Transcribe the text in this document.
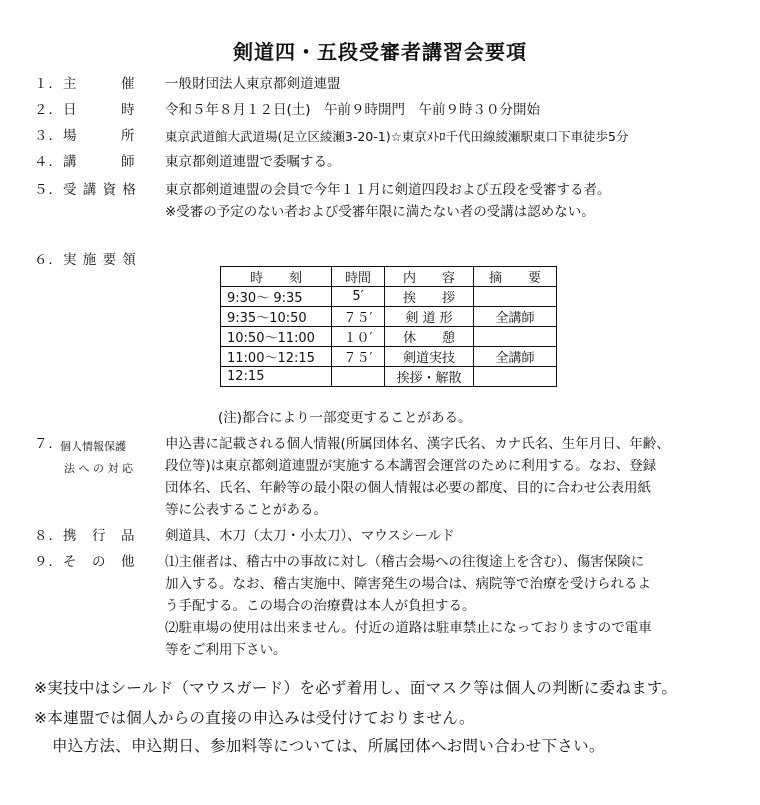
剣道四・五段受審者講習会要項
１．主　　　催	一般財団法人東京都剣道連盟
２．日　　　時	令和５年８月１２日(土)　午前９時開門　午前９時３０分開始
３．場　　　所	東京武道館大武道場(足立区綾瀬3-20-1)☆東京ﾒﾄﾛ千代田線綾瀬駅東口下車徒歩5分
４．講　　　師	東京都剣道連盟で委嘱する。
５．受 講 資 格	東京都剣道連盟の会員で今年１１月に剣道四段および五段を受審する者。
※受審の予定のない者および受審年限に満たない者の受講は認めない。
６．実 施 要 領
時　　刻	時間	内　　容	摘　　要
9:30～ 9:35	5′	挨　　拶	
9:35～10:50	７５′	剣 道 形	全講師
10:50～11:00	１０′	休　　憩	
11:00～12:15	７５′	剣道実技	全講師
12:15		挨拶・解散	
(注)都合により一部変更することがある。
７．
個人情報保護
法 へ の 対 応
申込書に記載される個人情報(所属団体名、漢字氏名、カナ氏名、生年月日、年齢、
段位等)は東京都剣道連盟が実施する本講習会運営のために利用する。なお、登録
団体名、氏名、年齢等の最小限の個人情報は必要の都度、目的に合わせ公表用紙
等に公表することがある。
８．携　行　品	剣道具、木刀（太刀・小太刀）、マウスシールド
９．そ　の　他	⑴主催者は、稽古中の事故に対し（稽古会場への往復途上を含む）、傷害保険に
加入する。なお、稽古実施中、障害発生の場合は、病院等で治療を受けられるよ
う手配する。この場合の治療費は本人が負担する。
⑵駐車場の使用は出来ません。付近の道路は駐車禁止になっておりますので電車
等をご利用下さい。
※実技中はシールド（マウスガード）を必ず着用し、面マスク等は個人の判断に委ねます。
※本連盟では個人からの直接の申込みは受付けておりません。
申込方法、申込期日、参加料等については、所属団体へお問い合わせ下さい。
